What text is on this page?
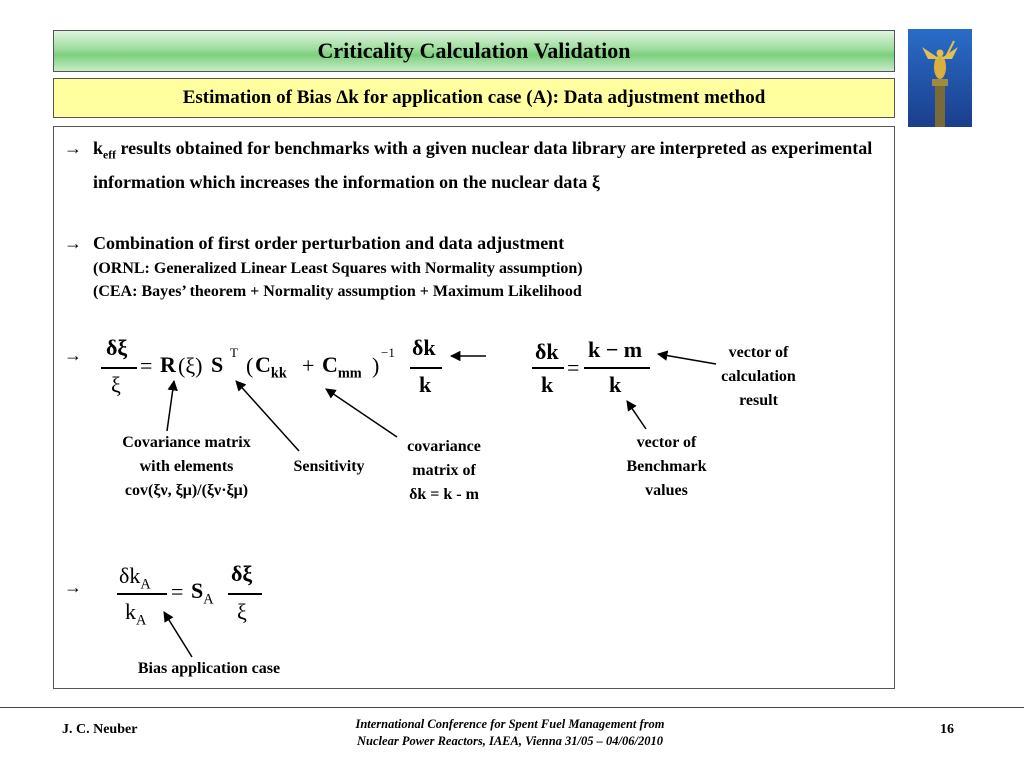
Criticality Calculation Validation
Estimation of Bias Δk for application case (A): Data adjustment method
→ $k_{eff}$ results obtained for benchmarks with a given nuclear data library are interpreted as experimental information which increases the information on the nuclear data ξ
→ Combination of first order perturbation and data adjustment
(ORNL: Generalized Linear Least Squares with Normality assumption)
(CEA: Bayes’ theorem + Normality assumption + Maximum Likelihood
→ δξ
ξ
= R (ξ) S T
( $C_{kk} + C_{mm}$ )
−1 δk
k
δk
k
=
k − m
k
vector of
calculation
result
Covariance matrix
with elements
cov(ξν, ξμ)/(ξν·ξμ)
Sensitivity
covariance
matrix of
δk = k - m
vector of
Benchmark
values
→ $\delta k_A$
$k_A$
= $S_A$
δξ
ξ
Bias application case
J. C. Neuber	International Conference for Spent Fuel Management from
Nuclear Power Reactors, IAEA, Vienna 31/05 – 04/06/2010
16
